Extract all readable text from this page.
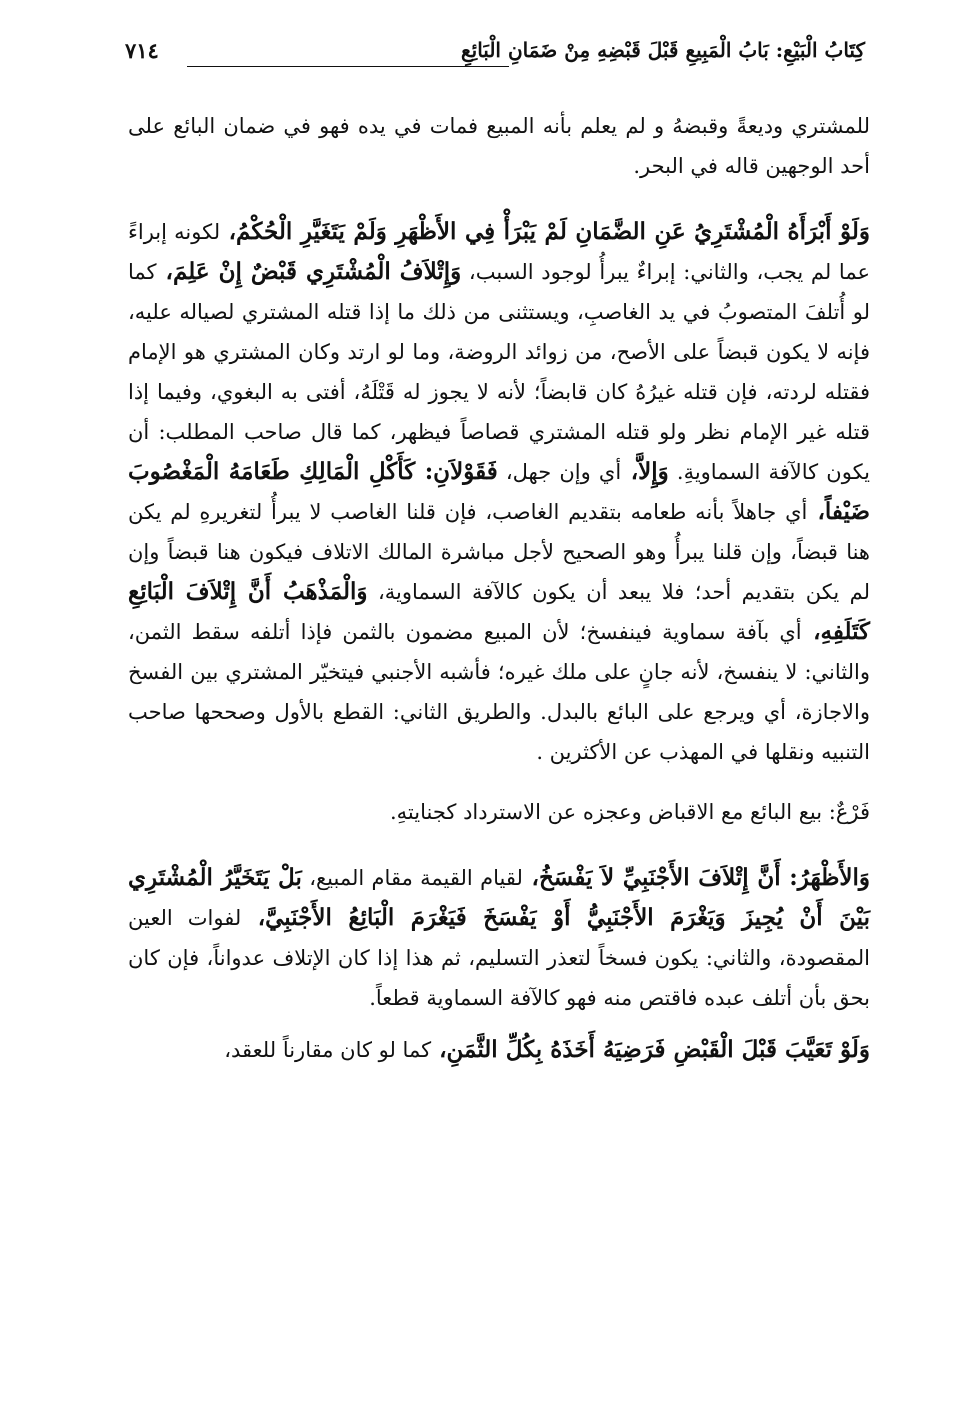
كِتَابُ الْبَيْعِ: بَابُ الْمَبِيعِ قَبْلَ قَبْضِهِ مِنْ ضَمَانِ الْبَائِعِ
٧١٤

للمشتري وديعةً وقبضهُ و لم يعلم بأنه المبيع فمات في يده فهو في ضمان البائع على أحد الوجهين قاله في البحر.

وَلَوْ أَبْرَأَهُ الْمُشْتَرِيُ عَنِ الضَّمَانِ لَمْ يَبْرَأْ فِي الأَظْهَرِ وَلَمْ يَتَغَيَّرِ الْحُكْمُ، لكونه إبراءً عما لم يجب، والثاني: إبراءٌ يبرأُ لوجود السبب، وَإِتْلاَفُ الْمُشْتَرِي قَبْضٌ إِنْ عَلِمَ، كما لو أُتلفَ المتصوبُ في يد الغاصبِ، ويستثنى من ذلك ما إذا قتله المشتري لصياله عليه، فإنه لا يكون قبضاً على الأصح، من زوائد الروضة، وما لو ارتد وكان المشتري هو الإمام فقتله لردته، فإن قتله غيرُهُ كان قابضاً؛ لأنه لا يجوز له قَتْلَهُ، أفتى به البغوي، وفيما إذا قتله غير الإمام نظر ولو قتله المشتري قصاصاً فيظهر، كما قال صاحب المطلب: أن يكون كالآفة السماويةِ. وَإِلاَّ، أي وإن جهل، فَقَوْلاَنِ: كَأَكْلِ الْمَالِكِ طَعَامَهُ الْمَغْصُوبَ ضَيْفاً، أي جاهلاً بأنه طعامه بتقديم الغاصب، فإن قلنا الغاصب لا يبرأُ لتغريرهِ لم يكن هنا قبضاً، وإن قلنا يبرأُ وهو الصحيح لأجل مباشرة المالك الاتلاف فيكون هنا قبضاً وإن لم يكن بتقديم أحد؛ فلا يبعد أن يكون كالآفة السماوية، وَالْمَذْهَبُ أَنَّ إِتْلاَفَ الْبَائِعِ كَتَلَفِهِ، أي بآفة سماوية فينفسخ؛ لأن المبيع مضمون بالثمن فإذا أتلفه سقط الثمن، والثاني: لا ينفسخ، لأنه جانٍ على ملك غيره؛ فأشبه الأجنبي فيتخيّر المشتري بين الفسخ والاجازة، أي ويرجع على البائع بالبدل. والطريق الثاني: القطع بالأول وصححها صاحب التنبيه ونقلها في المهذب عن الأكثرين .

فَرْعٌ: بيع البائع مع الاقباض وعجزه عن الاسترداد كجنايتهِ.

وَالأَظْهَرُ: أَنَّ إِتْلاَفَ الأَجْنَبِيِّ لاَ يَفْسَخُ، لقيام القيمة مقام المبيع، بَلْ يَتَخَيَّرُ الْمُشْتَرِي بَيْنَ أَنْ يُجِيزَ وَيَغْرَمَ الأَجْنَبِيُّ أَوْ يَفْسَخَ فَيَغْرَمَ الْبَائِعُ الأَجْنَبِيَّ، لفوات العين المقصودة، والثاني: يكون فسخاً لتعذر التسليم، ثم هذا إذا كان الإتلاف عدواناً، فإن كان بحق بأن أتلف عبده فاقتص منه فهو كالآفة السماوية قطعاً.

وَلَوْ تَعَيَّبَ قَبْلَ الْقَبْضِ فَرَضِيَهُ أَخَذَهُ بِكُلِّ الثَّمَنِ، كما لو كان مقارناً للعقد،
